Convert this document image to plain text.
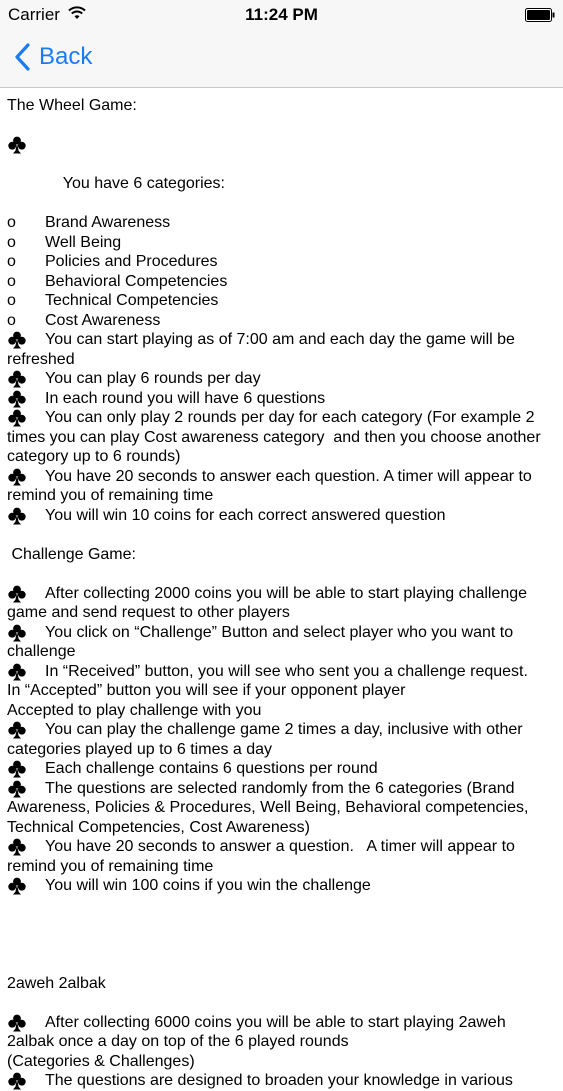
Carrier	11:24 PM
Back
The Wheel Game:

You have 6 categories:

o Brand Awareness
o Well Being
o Policies and Procedures
o Behavioral Competencies
o Technical Competencies
o Cost Awareness
You can start playing as of 7:00 am and each day the game will be
refreshed
You can play 6 rounds per day
In each round you will have 6 questions
You can only play 2 rounds per day for each category (For example 2
times you can play Cost awareness category  and then you choose another
category up to 6 rounds)
You have 20 seconds to answer each question. A timer will appear to
remind you of remaining time
You will win 10 coins for each correct answered question
Challenge Game:
After collecting 2000 coins you will be able to start playing challenge
game and send request to other players
You click on “Challenge” Button and select player who you want to
challenge
In “Received” button, you will see who sent you a challenge request.
In “Accepted” button you will see if your opponent player
Accepted to play challenge with you
You can play the challenge game 2 times a day, inclusive with other
categories played up to 6 times a day
Each challenge contains 6 questions per round
The questions are selected randomly from the 6 categories (Brand
Awareness, Policies & Procedures, Well Being, Behavioral competencies,
Technical Competencies, Cost Awareness)
You have 20 seconds to answer a question.   A timer will appear to
remind you of remaining time
You will win 100 coins if you win the challenge
2aweh 2albak
After collecting 6000 coins you will be able to start playing 2aweh
2albak once a day on top of the 6 played rounds
(Categories & Challenges)
The questions are designed to broaden your knowledge in various
